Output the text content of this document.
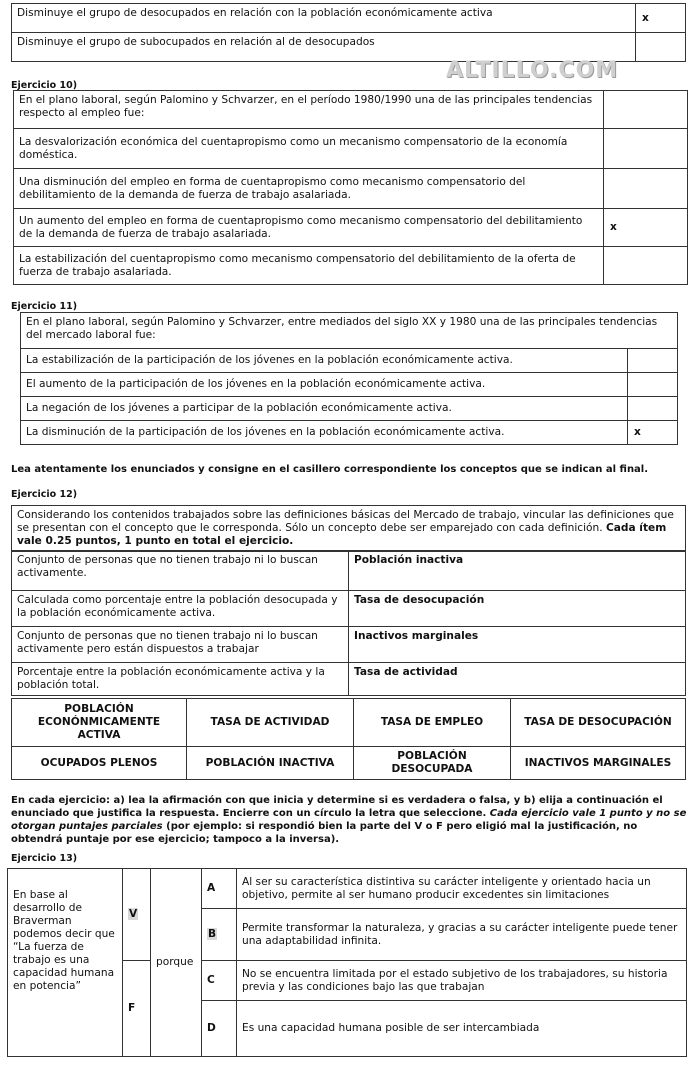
Disminuye el grupo de desocupados en relación con la población económicamente activa	x
Disminuye el grupo de subocupados en relación al de desocupados	
ALTILLO.COM
Ejercicio 10)
En el plano laboral, según Palomino y Schvarzer, en el período 1980/1990 una de las principales tendencias respecto al empleo fue:	
La desvalorización económica del cuentapropismo como un mecanismo compensatorio de la economía doméstica.	
Una disminución del empleo en forma de cuentapropismo como mecanismo compensatorio del debilitamiento de la demanda de fuerza de trabajo asalariada.	
Un aumento del empleo en forma de cuentapropismo como mecanismo compensatorio del debilitamiento de la demanda de fuerza de trabajo asalariada.	x
La estabilización del cuentapropismo como mecanismo compensatorio del debilitamiento de la oferta de fuerza de trabajo asalariada.	
Ejercicio 11)
En el plano laboral, según Palomino y Schvarzer, entre mediados del siglo XX y 1980 una de las principales tendencias del mercado laboral fue:	
La estabilización de la participación de los jóvenes en la población económicamente activa.	
El aumento de la participación de los jóvenes en la población económicamente activa.	
La negación de los jóvenes a participar de la población económicamente activa.	
La disminución de la participación de los jóvenes en la población económicamente activa.	x
Lea atentamente los enunciados y consigne en el casillero correspondiente los conceptos que se indican al final.
Ejercicio 12)
Considerando los contenidos trabajados sobre las definiciones básicas del Mercado de trabajo, vincular las definiciones que se presentan con el concepto que le corresponda. Sólo un concepto debe ser emparejado con cada definición. Cada ítem vale 0.25 puntos, 1 punto en total el ejercicio.
Conjunto de personas que no tienen trabajo ni lo buscan activamente.	Población inactiva
Calculada como porcentaje entre la población desocupada y la población económicamente activa.	Tasa de desocupación
Conjunto de personas que no tienen trabajo ni lo buscan activamente pero están dispuestos a trabajar	Inactivos marginales
Porcentaje entre la población económicamente activa y la población total.	Tasa de actividad
POBLACIÓN ECONÓNMICAMENTE ACTIVA	TASA DE ACTIVIDAD	TASA DE EMPLEO	TASA DE DESOCUPACIÓN
OCUPADOS PLENOS	POBLACIÓN INACTIVA	POBLACIÓN DESOCUPADA	INACTIVOS MARGINALES
En cada ejercicio: a) lea la afirmación con que inicia y determine si es verdadera o falsa, y b) elija a continuación el enunciado que justifica la respuesta. Encierre con un círculo la letra que seleccione. Cada ejercicio vale 1 punto y no se otorgan puntajes parciales (por ejemplo: si respondió bien la parte del V o F pero eligió mal la justificación, no obtendrá puntaje por ese ejercicio; tampoco a la inversa).
Ejercicio 13)
En base al desarrollo de Braverman podemos decir que “La fuerza de trabajo es una capacidad humana en potencia”	V	porque	A	Al ser su característica distintiva su carácter inteligente y orientado hacia un objetivo, permite al ser humano producir excedentes sin limitaciones
			B	Permite transformar la naturaleza, y gracias a su carácter inteligente puede tener una adaptabilidad infinita.
	F		C	No se encuentra limitada por el estado subjetivo de los trabajadores, su historia previa y las condiciones bajo las que trabajan
			D	Es una capacidad humana posible de ser intercambiada
